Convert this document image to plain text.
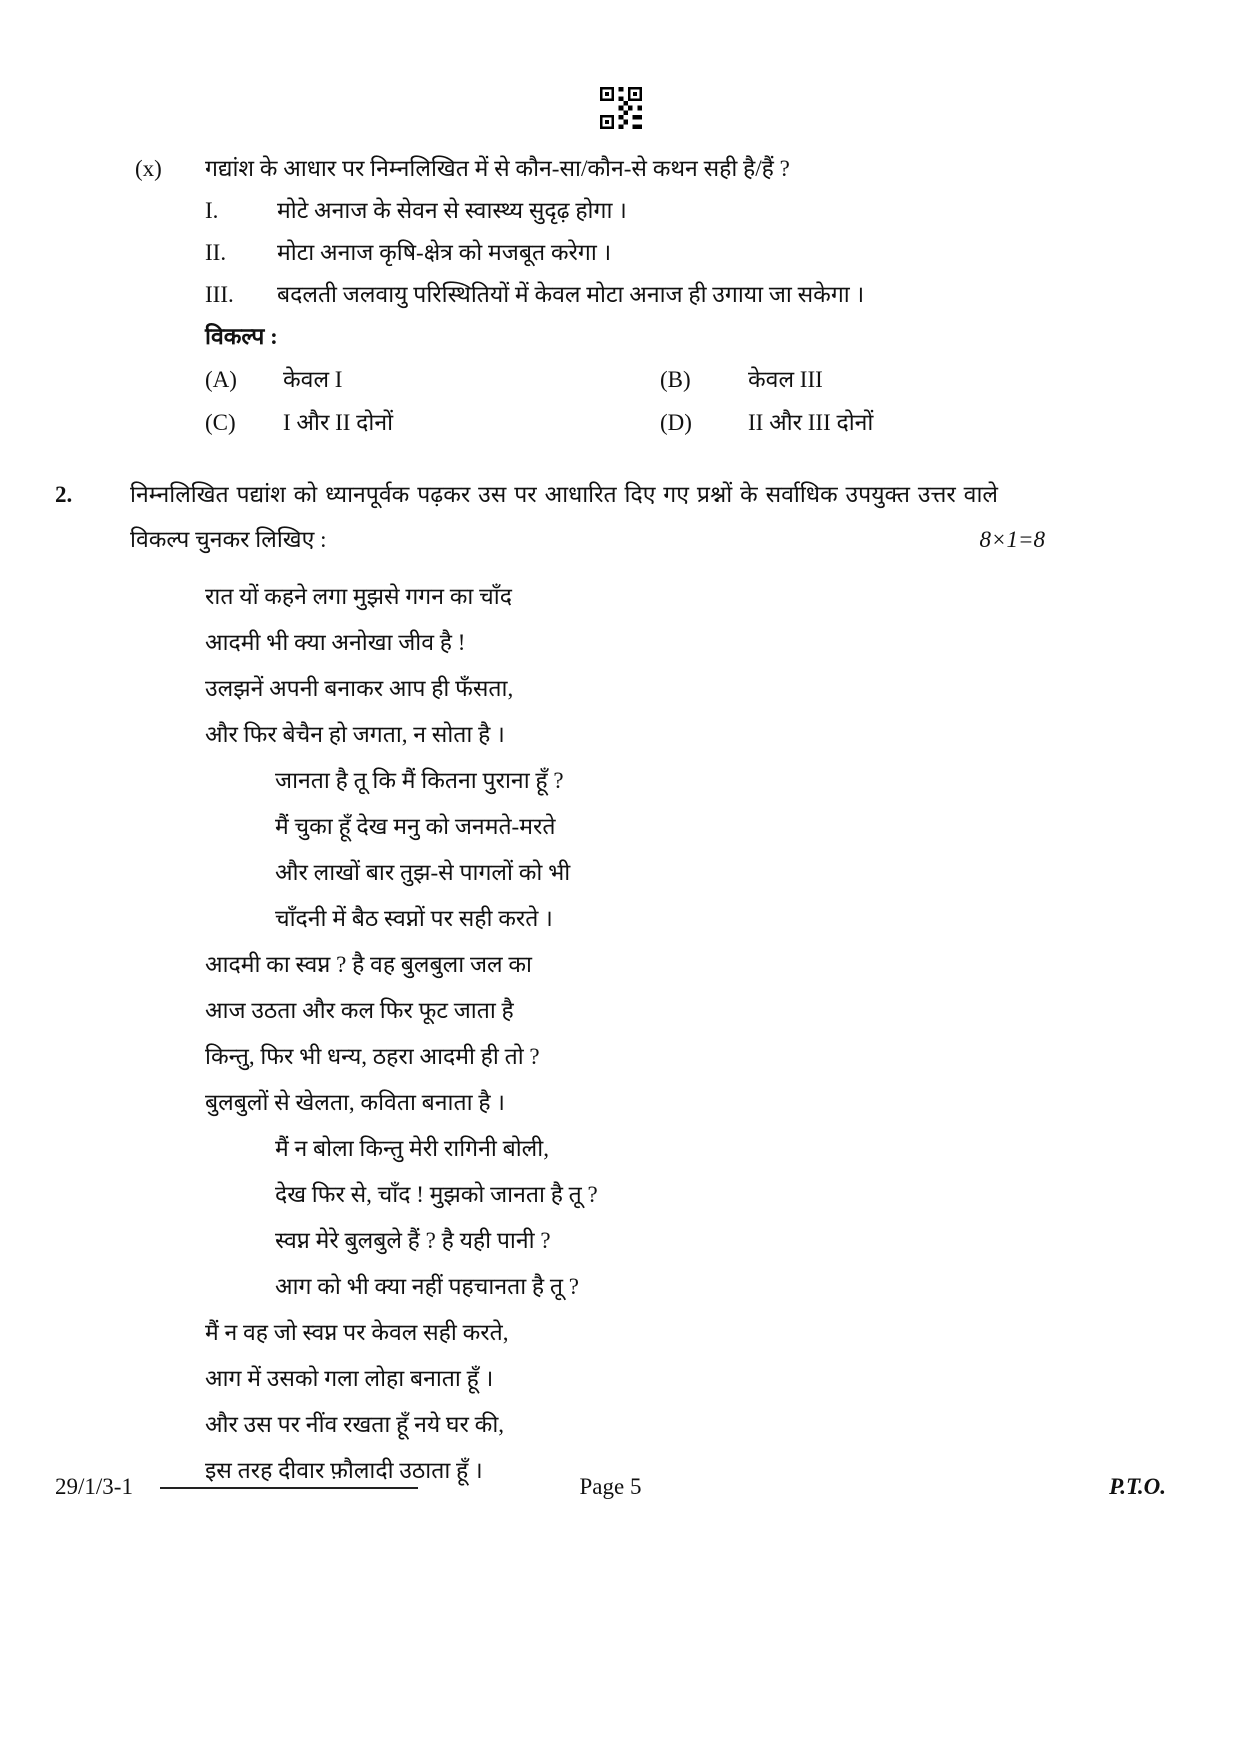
(x)	गद्यांश के आधार पर निम्नलिखित में से कौन-सा/कौन-से कथन सही है/हैं ?
I.	मोटे अनाज के सेवन से स्वास्थ्य सुदृढ़ होगा ।
II.	मोटा अनाज कृषि-क्षेत्र को मजबूत करेगा ।
III.	बदलती जलवायु परिस्थितियों में केवल मोटा अनाज ही उगाया जा सकेगा ।
विकल्प :
(A)	केवल I	(B)	केवल III
(C)	I और II दोनों	(D)	II और III दोनों
2.	निम्नलिखित पद्यांश को ध्यानपूर्वक पढ़कर उस पर आधारित दिए गए प्रश्नों के सर्वाधिक उपयुक्त उत्तर वाले विकल्प चुनकर लिखिए :	8×1=8
रात यों कहने लगा मुझसे गगन का चाँद
आदमी भी क्या अनोखा जीव है !
उलझनें अपनी बनाकर आप ही फँसता,
और फिर बेचैन हो जगता, न सोता है ।
जानता है तू कि मैं कितना पुराना हूँ ?
मैं चुका हूँ देख मनु को जनमते-मरते
और लाखों बार तुझ-से पागलों को भी
चाँदनी में बैठ स्वप्नों पर सही करते ।
आदमी का स्वप्न ? है वह बुलबुला जल का
आज उठता और कल फिर फूट जाता है
किन्तु, फिर भी धन्य, ठहरा आदमी ही तो ?
बुलबुलों से खेलता, कविता बनाता है ।
मैं न बोला किन्तु मेरी रागिनी बोली,
देख फिर से, चाँद ! मुझको जानता है तू ?
स्वप्न मेरे बुलबुले हैं ? है यही पानी ?
आग को भी क्या नहीं पहचानता है तू ?
मैं न वह जो स्वप्न पर केवल सही करते,
आग में उसको गला लोहा बनाता हूँ ।
और उस पर नींव रखता हूँ नये घर की,
इस तरह दीवार फ़ौलादी उठाता हूँ ।
29/1/3-1	Page 5	P.T.O.
